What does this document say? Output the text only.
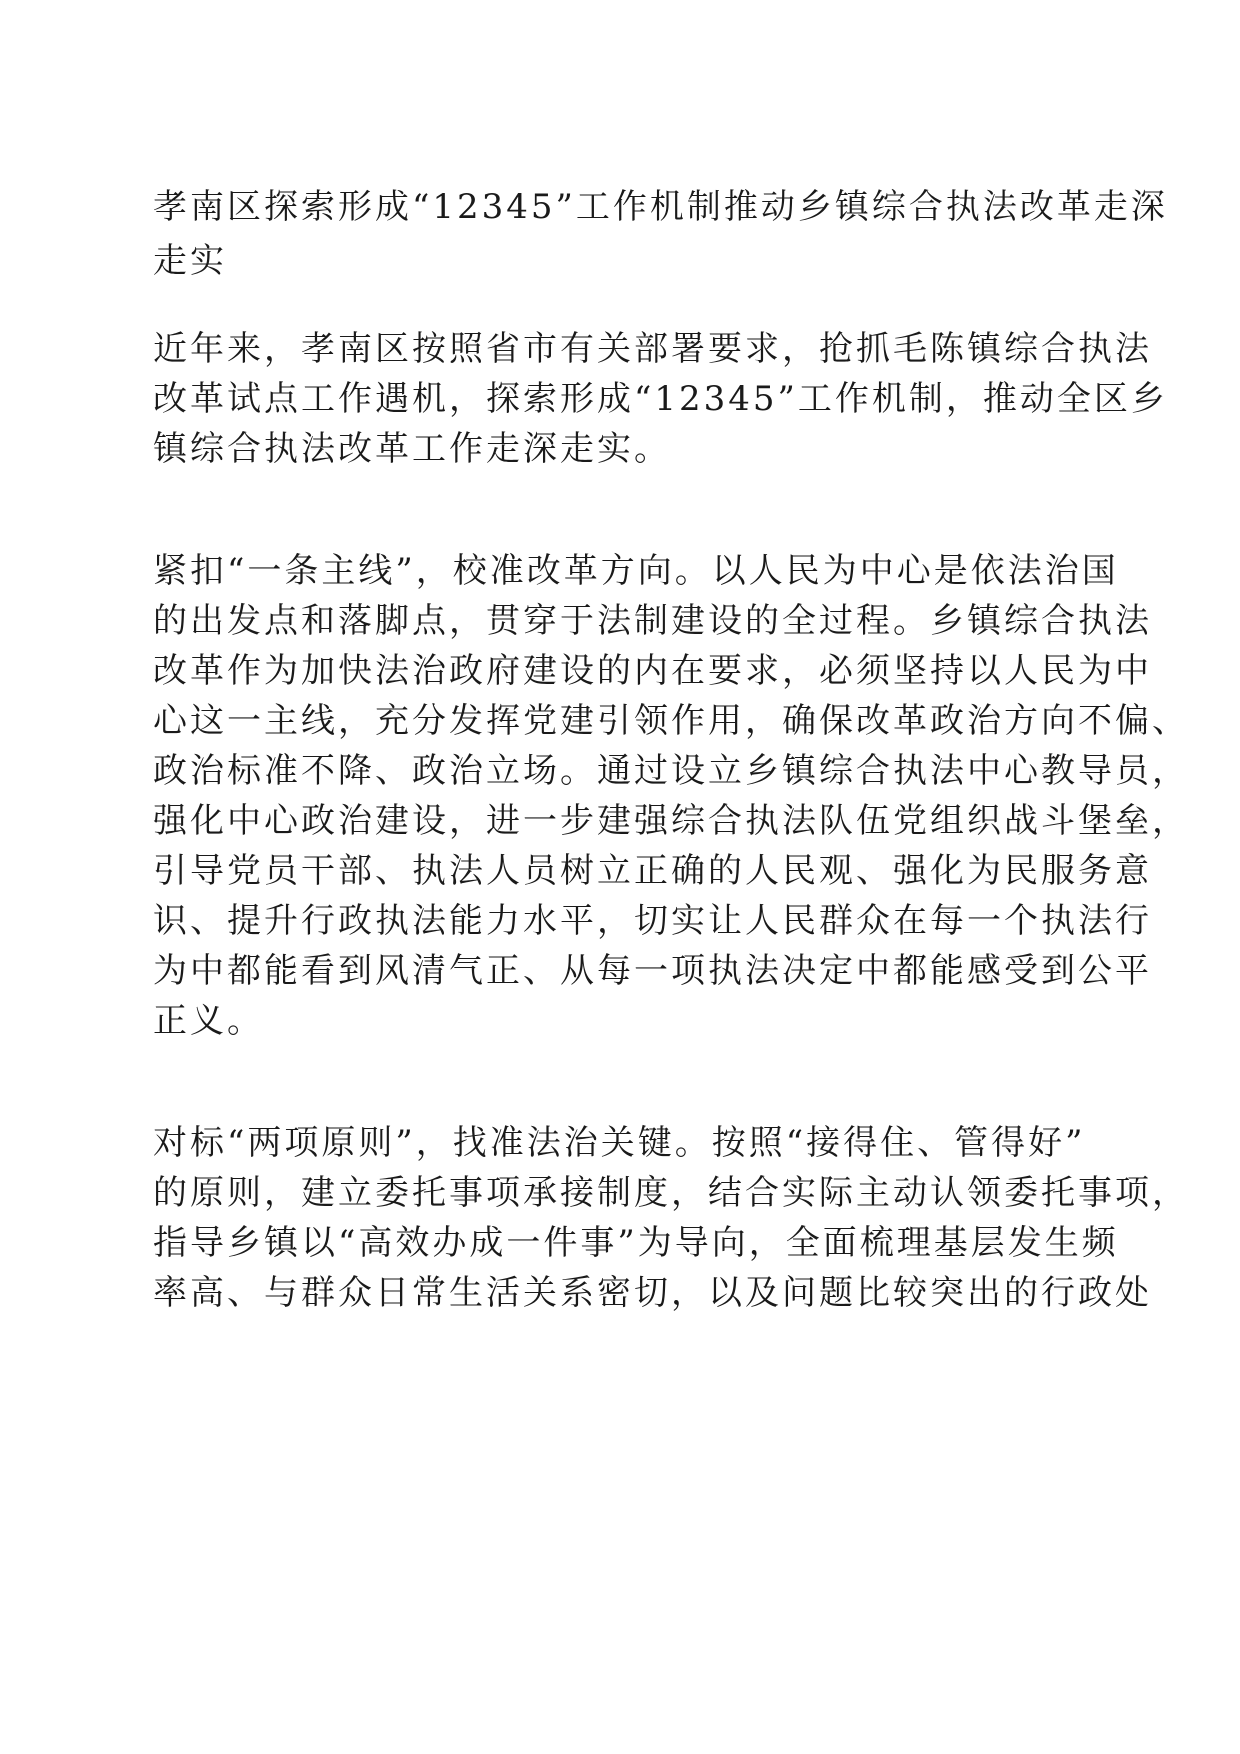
孝南区探索形成“12345”工作机制推动乡镇综合执法改革走深
走实
近年来，孝南区按照省市有关部署要求，抢抓毛陈镇综合执法
改革试点工作遇机，探索形成“12345”工作机制，推动全区乡
镇综合执法改革工作走深走实。
紧扣“一条主线”，校准改革方向。以人民为中心是依法治国
的出发点和落脚点，贯穿于法制建设的全过程。乡镇综合执法
改革作为加快法治政府建设的内在要求，必须坚持以人民为中
心这一主线，充分发挥党建引领作用，确保改革政治方向不偏、
政治标准不降、政治立场。通过设立乡镇综合执法中心教导员，
强化中心政治建设，进一步建强综合执法队伍党组织战斗堡垒，
引导党员干部、执法人员树立正确的人民观、强化为民服务意
识、提升行政执法能力水平，切实让人民群众在每一个执法行
为中都能看到风清气正、从每一项执法决定中都能感受到公平
正义。
对标“两项原则”，找准法治关键。按照“接得住、管得好”
的原则，建立委托事项承接制度，结合实际主动认领委托事项，
指导乡镇以“高效办成一件事”为导向，全面梳理基层发生频
率高、与群众日常生活关系密切，以及问题比较突出的行政处
